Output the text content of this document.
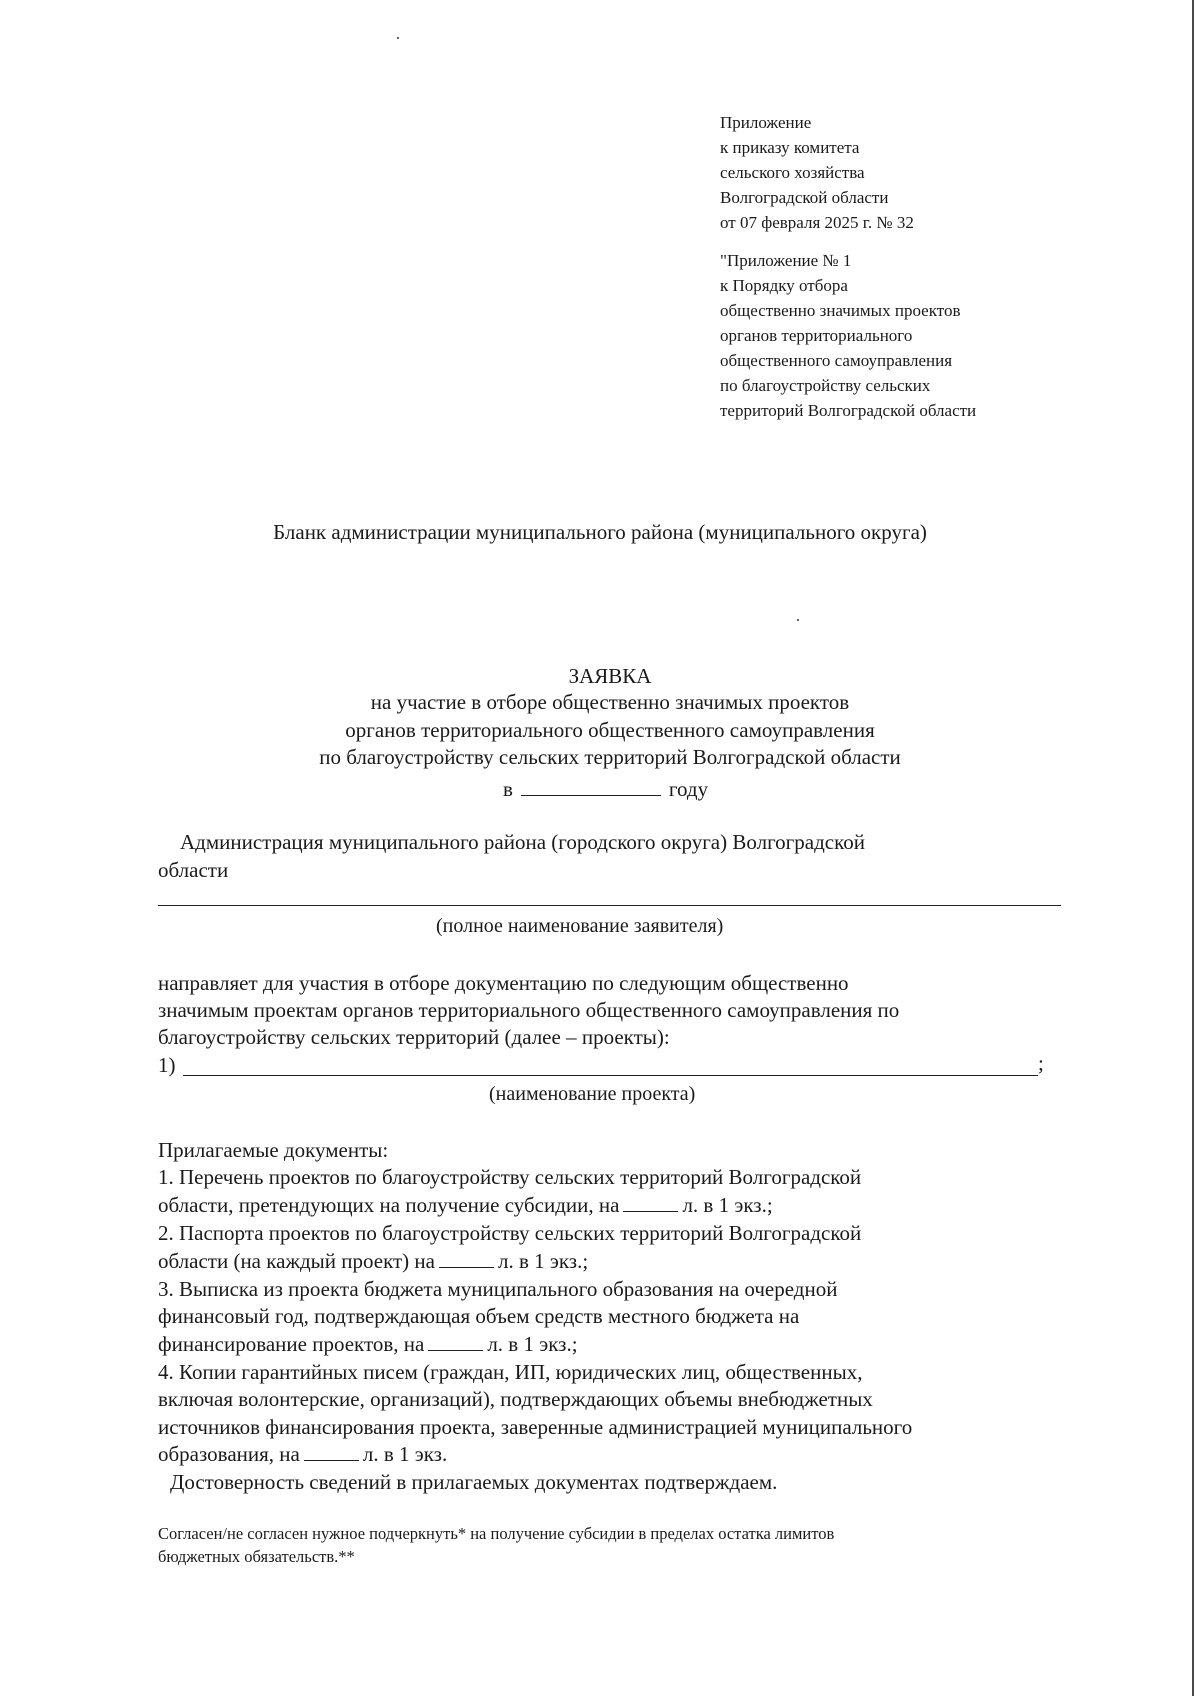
Приложение
к приказу комитета
сельского хозяйства
Волгоградской области
от 07 февраля 2025 г. № 32
"Приложение № 1
к Порядку отбора
общественно значимых проектов
органов территориального
общественного самоуправления
по благоустройству сельских
территорий Волгоградской области
Бланк администрации муниципального района (муниципального округа)
ЗАЯВКА
на участие в отборе общественно значимых проектов
органов территориального общественного самоуправления
по благоустройству сельских территорий Волгоградской области
в	году
Администрация муниципального района (городского округа) Волгоградской
области
(полное наименование заявителя)
направляет для участия в отборе документацию по следующим общественно
значимым проектам органов территориального общественного самоуправления по
благоустройству сельских территорий (далее – проекты):
1)	;
(наименование проекта)
Прилагаемые документы:
1. Перечень проектов по благоустройству сельских территорий Волгоградской
области, претендующих на получение субсидии, на	л. в 1 экз.;
2. Паспорта проектов по благоустройству сельских территорий Волгоградской
области (на каждый проект) на	л. в 1 экз.;
3. Выписка из проекта бюджета муниципального образования на очередной
финансовый год, подтверждающая объем средств местного бюджета на
финансирование проектов, на	л. в 1 экз.;
4. Копии гарантийных писем (граждан, ИП, юридических лиц, общественных,
включая волонтерские, организаций), подтверждающих объемы внебюджетных
источников финансирования проекта, заверенные администрацией муниципального
образования, на	л. в 1 экз.
Достоверность сведений в прилагаемых документах подтверждаем.
Согласен/не согласен нужное подчеркнуть* на получение субсидии в пределах остатка лимитов
бюджетных обязательств.**
